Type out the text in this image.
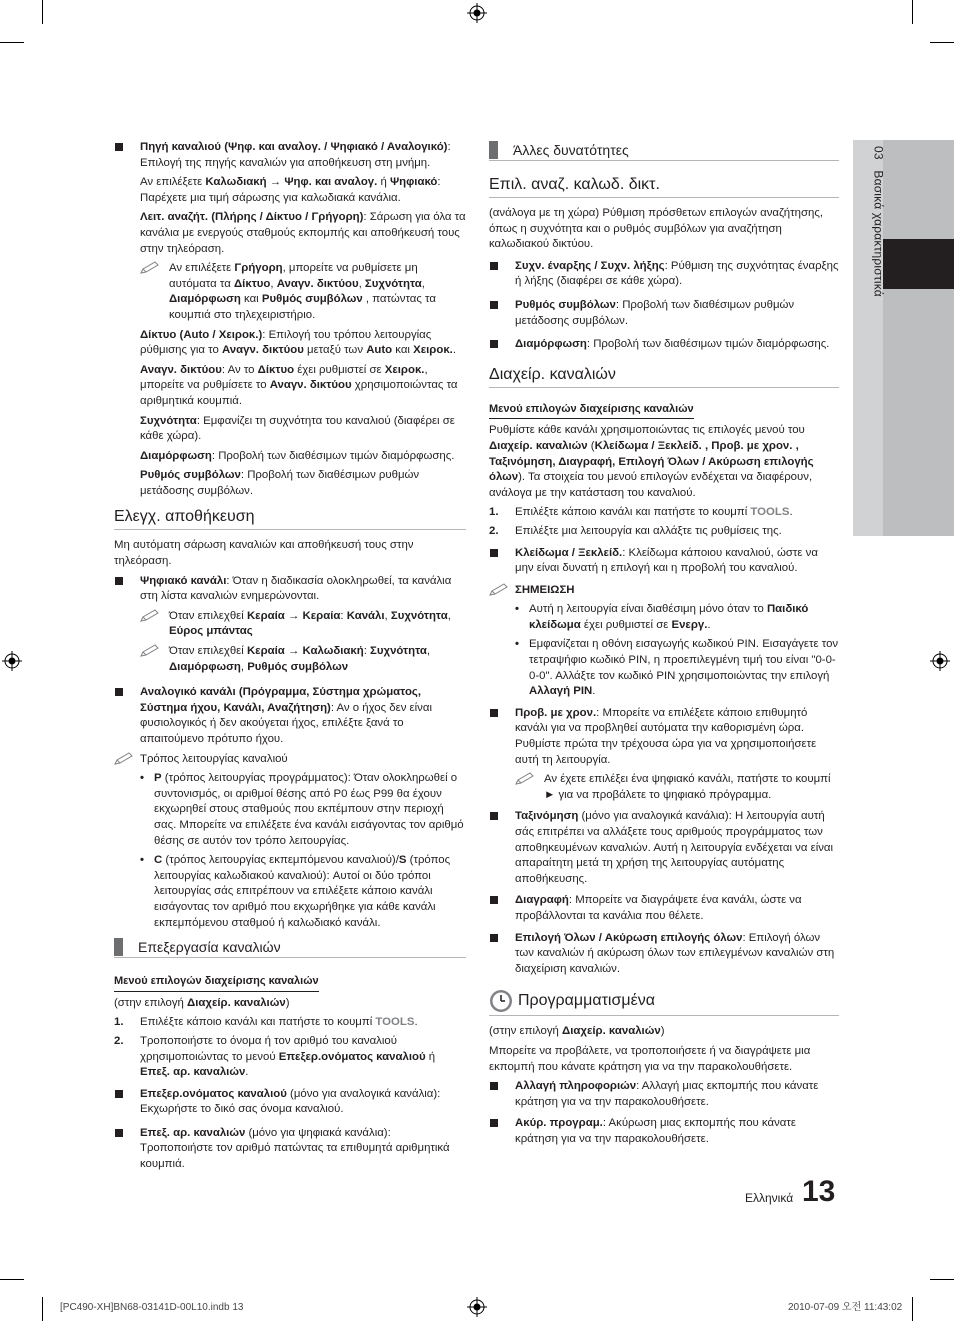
03   Βασικά χαρακτηριστικά
Πηγή καναλιού (Ψηφ. και αναλογ. / Ψηφιακό / Αναλογικό): Επιλογή της πηγής καναλιών για αποθήκευση στη μνήμη.

Αν επιλέξετε Καλωδιακή → Ψηφ. και αναλογ. ή Ψηφιακό: Παρέχετε μια τιμή σάρωσης για καλωδιακά κανάλια.

Λειτ. αναζήτ. (Πλήρης / Δίκτυο / Γρήγορη): Σάρωση για όλα τα κανάλια με ενεργούς σταθμούς εκπομπής και αποθήκευσή τους στην τηλεόραση.

Αν επιλέξετε Γρήγορη, μπορείτε να ρυθμίσετε μη αυτόματα τα Δίκτυο, Αναγν. δικτύου, Συχνότητα, Διαμόρφωση και Ρυθμός συμβόλων , πατώντας τα κουμπιά στο τηλεχειριστήριο.

Δίκτυο (Auto / Χειροκ.): Επιλογή του τρόπου λειτουργίας ρύθμισης για το Αναγν. δικτύου μεταξύ των Auto και Χειροκ..

Αναγν. δικτύου: Αν το Δίκτυο έχει ρυθμιστεί σε Χειροκ., μπορείτε να ρυθμίσετε το Αναγν. δικτύου χρησιμοποιώντας τα αριθμητικά κουμπιά.

Συχνότητα: Εμφανίζει τη συχνότητα του καναλιού (διαφέρει σε κάθε χώρα).

Διαμόρφωση: Προβολή των διαθέσιμων τιμών διαμόρφωσης.

Ρυθμός συμβόλων: Προβολή των διαθέσιμων ρυθμών μετάδοσης συμβόλων.

Ελεγχ. αποθήκευση

Μη αυτόματη σάρωση καναλιών και αποθήκευσή τους στην τηλεόραση.

Ψηφιακό κανάλι: Όταν η διαδικασία ολοκληρωθεί, τα κανάλια στη λίστα καναλιών ενημερώνονται.
Όταν επιλεχθεί Κεραία → Κεραία: Κανάλι, Συχνότητα, Εύρος μπάντας
Όταν επιλεχθεί Κεραία → Καλωδιακή: Συχνότητα, Διαμόρφωση, Ρυθμός συμβόλων
Αναλογικό κανάλι (Πρόγραμμα, Σύστημα χρώματος, Σύστημα ήχου, Κανάλι, Αναζήτηση): Αν ο ήχος δεν είναι φυσιολογικός ή δεν ακούγεται ήχος, επιλέξτε ξανά το απαιτούμενο πρότυπο ήχου.
Τρόπος λειτουργίας καναλιού
• P (τρόπος λειτουργίας προγράμματος): Όταν ολοκληρωθεί ο συντονισμός, οι αριθμοί θέσης από P0 έως P99 θα έχουν εκχωρηθεί στους σταθμούς που εκπέμπουν στην περιοχή σας. Μπορείτε να επιλέξετε ένα κανάλι εισάγοντας τον αριθμό θέσης σε αυτόν τον τρόπο λειτουργίας.
• C (τρόπος λειτουργίας εκπεμπόμενου καναλιού)/S (τρόπος λειτουργίας καλωδιακού καναλιού): Αυτοί οι δύο τρόποι λειτουργίας σάς επιτρέπουν να επιλέξετε κάποιο κανάλι εισάγοντας τον αριθμό που εκχωρήθηκε για κάθε κανάλι εκπεμπόμενου σταθμού ή καλωδιακό κανάλι.
Επεξεργασία καναλιών
Μενού επιλογών διαχείρισης καναλιών

(στην επιλογή Διαχείρ. καναλιών)

1. Επιλέξτε κάποιο κανάλι και πατήστε το κουμπί TOOLS.
2. Τροποποιήστε το όνομα ή τον αριθμό του καναλιού χρησιμοποιώντας το μενού Επεξερ.ονόματος καναλιού ή Επεξ. αρ. καναλιών.
Επεξερ.ονόματος καναλιού (μόνο για αναλογικά κανάλια): Εκχωρήστε το δικό σας όνομα καναλιού.
Επεξ. αρ. καναλιών (μόνο για ψηφιακά κανάλια): Τροποποιήστε τον αριθμό πατώντας τα επιθυμητά αριθμητικά κουμπιά.
Άλλες δυνατότητες
Επιλ. αναζ. καλωδ. δικτ.

(ανάλογα με τη χώρα) Ρύθμιση πρόσθετων επιλογών αναζήτησης, όπως η συχνότητα και ο ρυθμός συμβόλων για αναζήτηση καλωδιακού δικτύου.

Συχν. έναρξης / Συχν. λήξης: Ρύθμιση της συχνότητας έναρξης ή λήξης (διαφέρει σε κάθε χώρα).
Ρυθμός συμβόλων: Προβολή των διαθέσιμων ρυθμών μετάδοσης συμβόλων.
Διαμόρφωση: Προβολή των διαθέσιμων τιμών διαμόρφωσης.
Διαχείρ. καναλιών
Μενού επιλογών διαχείρισης καναλιών

Ρυθμίστε κάθε κανάλι χρησιμοποιώντας τις επιλογές μενού του Διαχείρ. καναλιών (Κλείδωμα / Ξεκλείδ. , Προβ. με χρον. , Ταξινόμηση, Διαγραφή, Επιλογή Όλων / Ακύρωση επιλογής όλων). Τα στοιχεία του μενού επιλογών ενδέχεται να διαφέρουν, ανάλογα με την κατάσταση του καναλιού.

1. Επιλέξτε κάποιο κανάλι και πατήστε το κουμπί TOOLS.
2. Επιλέξτε μια λειτουργία και αλλάξτε τις ρυθμίσεις της.
Κλείδωμα / Ξεκλείδ.: Κλείδωμα κάποιου καναλιού, ώστε να μην είναι δυνατή η επιλογή και η προβολή του καναλιού.
ΣΗΜΕΙΩΣΗ
• Αυτή η λειτουργία είναι διαθέσιμη μόνο όταν το Παιδικό κλείδωμα έχει ρυθμιστεί σε Ενεργ..
• Εμφανίζεται η οθόνη εισαγωγής κωδικού PIN. Εισαγάγετε τον τετραψήφιο κωδικό PIN, η προεπιλεγμένη τιμή του είναι "0-0-0-0". Αλλάξτε τον κωδικό PIN χρησιμοποιώντας την επιλογή Αλλαγή PIN.
Προβ. με χρον.: Μπορείτε να επιλέξετε κάποιο επιθυμητό κανάλι για να προβληθεί αυτόματα την καθορισμένη ώρα. Ρυθμίστε πρώτα την τρέχουσα ώρα για να χρησιμοποιήσετε αυτή τη λειτουργία.
Αν έχετε επιλέξει ένα ψηφιακό κανάλι, πατήστε το κουμπί ► για να προβάλετε το ψηφιακό πρόγραμμα.
Ταξινόμηση (μόνο για αναλογικά κανάλια): Η λειτουργία αυτή σάς επιτρέπει να αλλάξετε τους αριθμούς προγράμματος των αποθηκευμένων καναλιών. Αυτή η λειτουργία ενδέχεται να είναι απαραίτητη μετά τη χρήση της λειτουργίας αυτόματης αποθήκευσης.
Διαγραφή: Μπορείτε να διαγράψετε ένα κανάλι, ώστε να προβάλλονται τα κανάλια που θέλετε.
Επιλογή Όλων / Ακύρωση επιλογής όλων: Επιλογή όλων των καναλιών ή ακύρωση όλων των επιλεγμένων καναλιών στη διαχείριση καναλιών.
Προγραμματισμένα

(στην επιλογή Διαχείρ. καναλιών)

Μπορείτε να προβάλετε, να τροποποιήσετε ή να διαγράψετε μια εκπομπή που κάνατε κράτηση για να την παρακολουθήσετε.

Αλλαγή πληροφοριών: Αλλαγή μιας εκπομπής που κάνατε κράτηση για να την παρακολουθήσετε.
Ακύρ. προγραμ.: Ακύρωση μιας εκπομπής που κάνατε κράτηση για να την παρακολουθήσετε.
Ελληνικά 13
[PC490-XH]BN68-03141D-00L10.indb 13	2010-07-09 오전 11:43:02
